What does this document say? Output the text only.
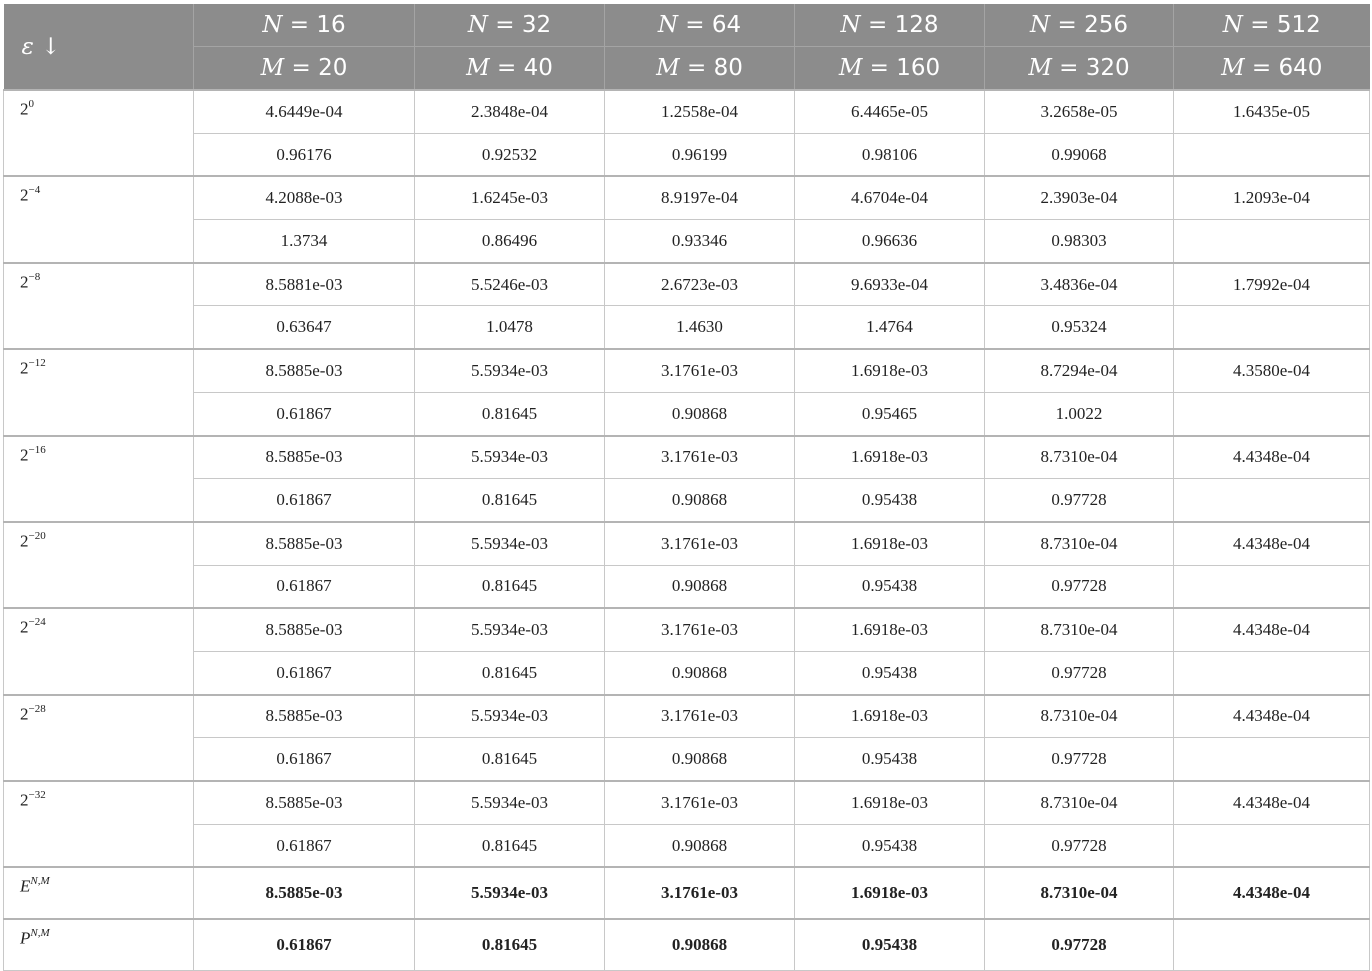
ε ↓	N = 16	N = 32	N = 64	N = 128	N = 256	N = 512
	M = 20	M = 40	M = 80	M = 160	M = 320	M = 640
$2^0$	4.6449e-04	2.3848e-04	1.2558e-04	6.4465e-05	3.2658e-05	1.6435e-05
	0.96176	0.92532	0.96199	0.98106	0.99068	
$2^{-4}$	4.2088e-03	1.6245e-03	8.9197e-04	4.6704e-04	2.3903e-04	1.2093e-04
	1.3734	0.86496	0.93346	0.96636	0.98303	
$2^{-8}$	8.5881e-03	5.5246e-03	2.6723e-03	9.6933e-04	3.4836e-04	1.7992e-04
	0.63647	1.0478	1.4630	1.4764	0.95324	
$2^{-12}$	8.5885e-03	5.5934e-03	3.1761e-03	1.6918e-03	8.7294e-04	4.3580e-04
	0.61867	0.81645	0.90868	0.95465	1.0022	
$2^{-16}$	8.5885e-03	5.5934e-03	3.1761e-03	1.6918e-03	8.7310e-04	4.4348e-04
	0.61867	0.81645	0.90868	0.95438	0.97728	
$2^{-20}$	8.5885e-03	5.5934e-03	3.1761e-03	1.6918e-03	8.7310e-04	4.4348e-04
	0.61867	0.81645	0.90868	0.95438	0.97728	
$2^{-24}$	8.5885e-03	5.5934e-03	3.1761e-03	1.6918e-03	8.7310e-04	4.4348e-04
	0.61867	0.81645	0.90868	0.95438	0.97728	
$2^{-28}$	8.5885e-03	5.5934e-03	3.1761e-03	1.6918e-03	8.7310e-04	4.4348e-04
	0.61867	0.81645	0.90868	0.95438	0.97728	
$2^{-32}$	8.5885e-03	5.5934e-03	3.1761e-03	1.6918e-03	8.7310e-04	4.4348e-04
	0.61867	0.81645	0.90868	0.95438	0.97728	
$E^{N,M}$	8.5885e-03	5.5934e-03	3.1761e-03	1.6918e-03	8.7310e-04	4.4348e-04
$P^{N,M}$	0.61867	0.81645	0.90868	0.95438	0.97728	
